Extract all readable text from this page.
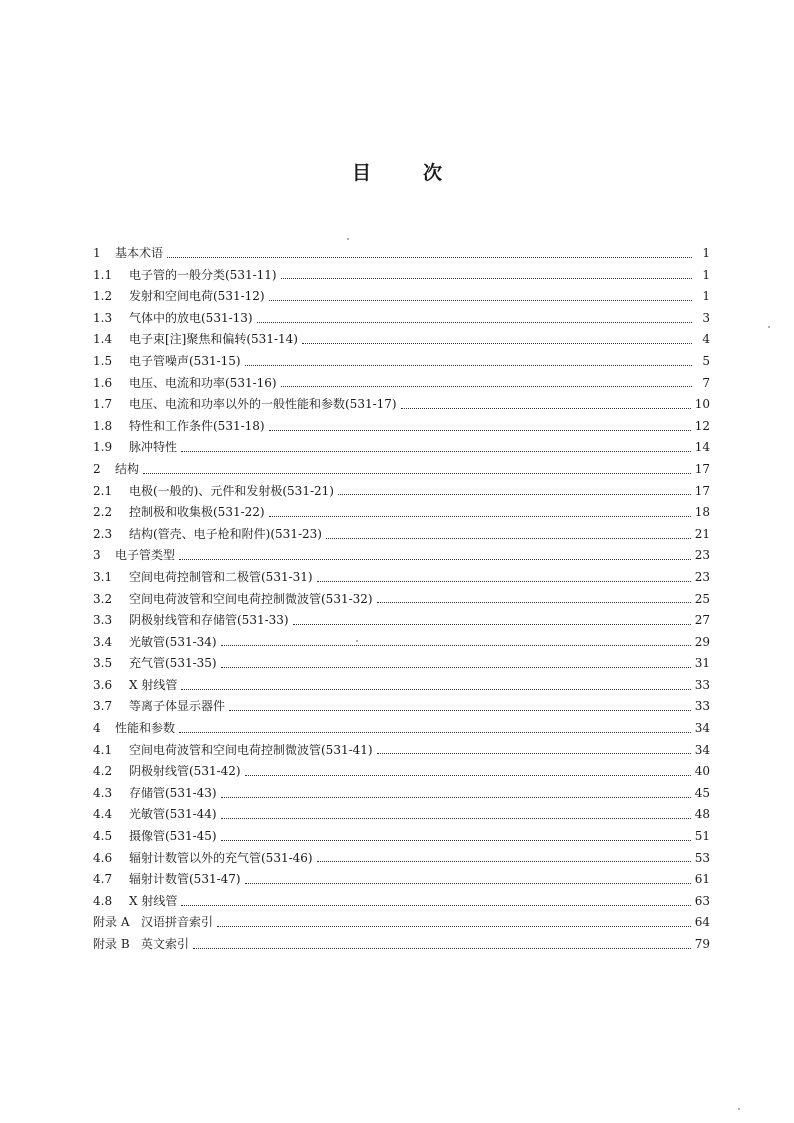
目	次
1	基本术语	1
1.1	电子管的一般分类(531-11)	1
1.2	发射和空间电荷(531-12)	1
1.3	气体中的放电(531-13)	3
1.4	电子束[注]聚焦和偏转(531-14)	4
1.5	电子管噪声(531-15)	5
1.6	电压、电流和功率(531-16)	7
1.7	电压、电流和功率以外的一般性能和参数(531-17)	10
1.8	特性和工作条件(531-18)	12
1.9	脉冲特性	14
2	结构	17
2.1	电极(一般的)、元件和发射极(531-21)	17
2.2	控制极和收集极(531-22)	18
2.3	结构(管壳、电子枪和附件)(531-23)	21
3	电子管类型	23
3.1	空间电荷控制管和二极管(531-31)	23
3.2	空间电荷波管和空间电荷控制微波管(531-32)	25
3.3	阴极射线管和存储管(531-33)	27
3.4	光敏管(531-34)	29
3.5	充气管(531-35)	31
3.6	X 射线管	33
3.7	等离子体显示器件	33
4	性能和参数	34
4.1	空间电荷波管和空间电荷控制微波管(531-41)	34
4.2	阴极射线管(531-42)	40
4.3	存储管(531-43)	45
4.4	光敏管(531-44)	48
4.5	摄像管(531-45)	51
4.6	辐射计数管以外的充气管(531-46)	53
4.7	辐射计数管(531-47)	61
4.8	X 射线管	63
附录 A 汉语拼音索引	64
附录 B 英文索引	79
